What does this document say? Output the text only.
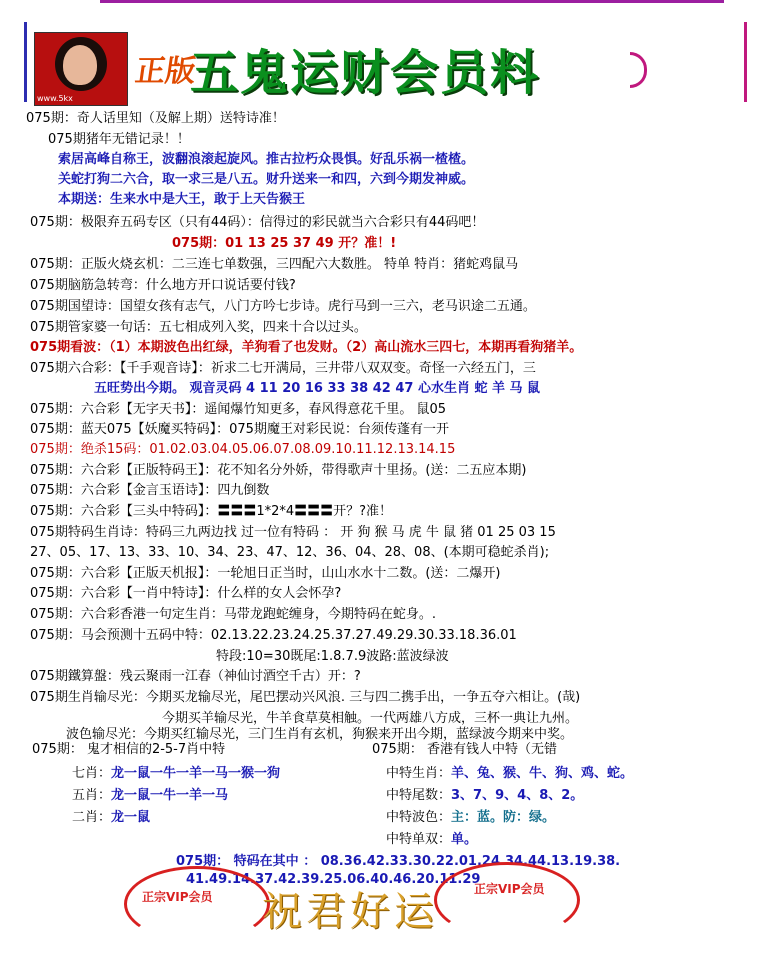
www.5kx
正版
五鬼运财会员料
075期：奇人话里知（及解上期）送特诗准！
075期猪年无错记录！！
索居高峰自称王，波翻浪滚起旋风。推古拉朽众畏惧。好乱乐祸一楂楂。
关蛇打狗二六合，取一求三是八五。财升送来一和四，六到今期发神威。
本期送：生来水中是大王，敢于上天告猴王
075期：极限弃五码专区（只有44码）：信得过的彩民就当六合彩只有44码吧！
075期：01 13 25 37 49 开？准！!
075期：正版火烧玄机：二三连七单数强，三四配六大数胜。 特单 特肖：猪蛇鸡鼠马
075期脑筋急转弯：什么地方开口说话要付钱?
075期国望诗：国望女孩有志气，八门方吟七步诗。虎行马到一三六，老马识途二五通。
075期管家婆一句话：五七相成列入奖，四来十合以过头。
075期看波：（1）本期波色出红绿，羊狗看了也发财。（2）高山流水三四七，本期再看狗猪羊。
075期六合彩：【千手观音诗】：祈求二七开满局，三井带八双双变。奇怪一六经五门，三
五旺势出今期。 观音灵码 4 11 20 16 33 38 42 47 心水生肖 蛇 羊 马 鼠
075期：六合彩【无字天书】：遥闻爆竹知更多，春风得意花千里。 鼠05
075期：蓝天075【妖魔买特码】：075期魔王对彩民说：台须传蓬有一开
075期：绝杀15码：01.02.03.04.05.06.07.08.09.10.11.12.13.14.15
075期：六合彩【正版特码王】：花不知名分外娇，带得歌声十里扬。(送：二五应本期)
075期：六合彩【金言玉语诗】：四九倒数
075期：六合彩【三头中特码】：〓〓〓1*2*4〓〓〓开？?准！
075期特码生肖诗：特码三九两边找 过一位有特码 ： 开 狗 猴 马 虎 牛 鼠 猪 01 25 03 15
27、05、17、13、33、10、34、23、47、12、36、04、28、08、(本期可稳蛇杀肖);
075期：六合彩【正版天机报】：一轮旭日正当时，山山水水十二数。(送：二爆开)
075期：六合彩【一肖中特诗】：什么样的女人会怀孕?
075期：六合彩香港一句定生肖：马带龙跑蛇缠身，今期特码在蛇身。.
075期：马会预测十五码中特：02.13.22.23.24.25.37.27.49.29.30.33.18.36.01
特段:10=30既尾:1.8.7.9波路:蓝波绿波
075期鐵算盤：残云聚雨一江春（神仙讨酒空千古）开：?
075期生肖输尽光：今期买龙输尽光，尾巴摆动兴风浪. 三与四二携手出，一争五夺六相让。(哉)
今期买羊输尽光，牛羊食草莫相触。一代两雄八方成，三杯一典让九州。
波色输尽光：今期买红输尽光，三门生肖有玄机，狗猴来开出今期，蓝绿波今期来中奖。
075期： 鬼才相信的2-5-7肖中特
七肖：龙一鼠一牛一羊一马一猴一狗
五肖：龙一鼠一牛一羊一马
二肖：龙一鼠
075期： 香港有钱人中特（无错
中特生肖：羊、兔、猴、牛、狗、鸡、蛇。
中特尾数：3、7、9、4、8、2。
中特波色：主：蓝。防：绿。
中特单双：单。
075期： 特码在其中 ： 08.36.42.33.30.22.01.24.34.44.13.19.38.
41.49.14.37.42.39.25.06.40.46.20.11.29
正宗VIP会员
正宗VIP会员
祝君好运
